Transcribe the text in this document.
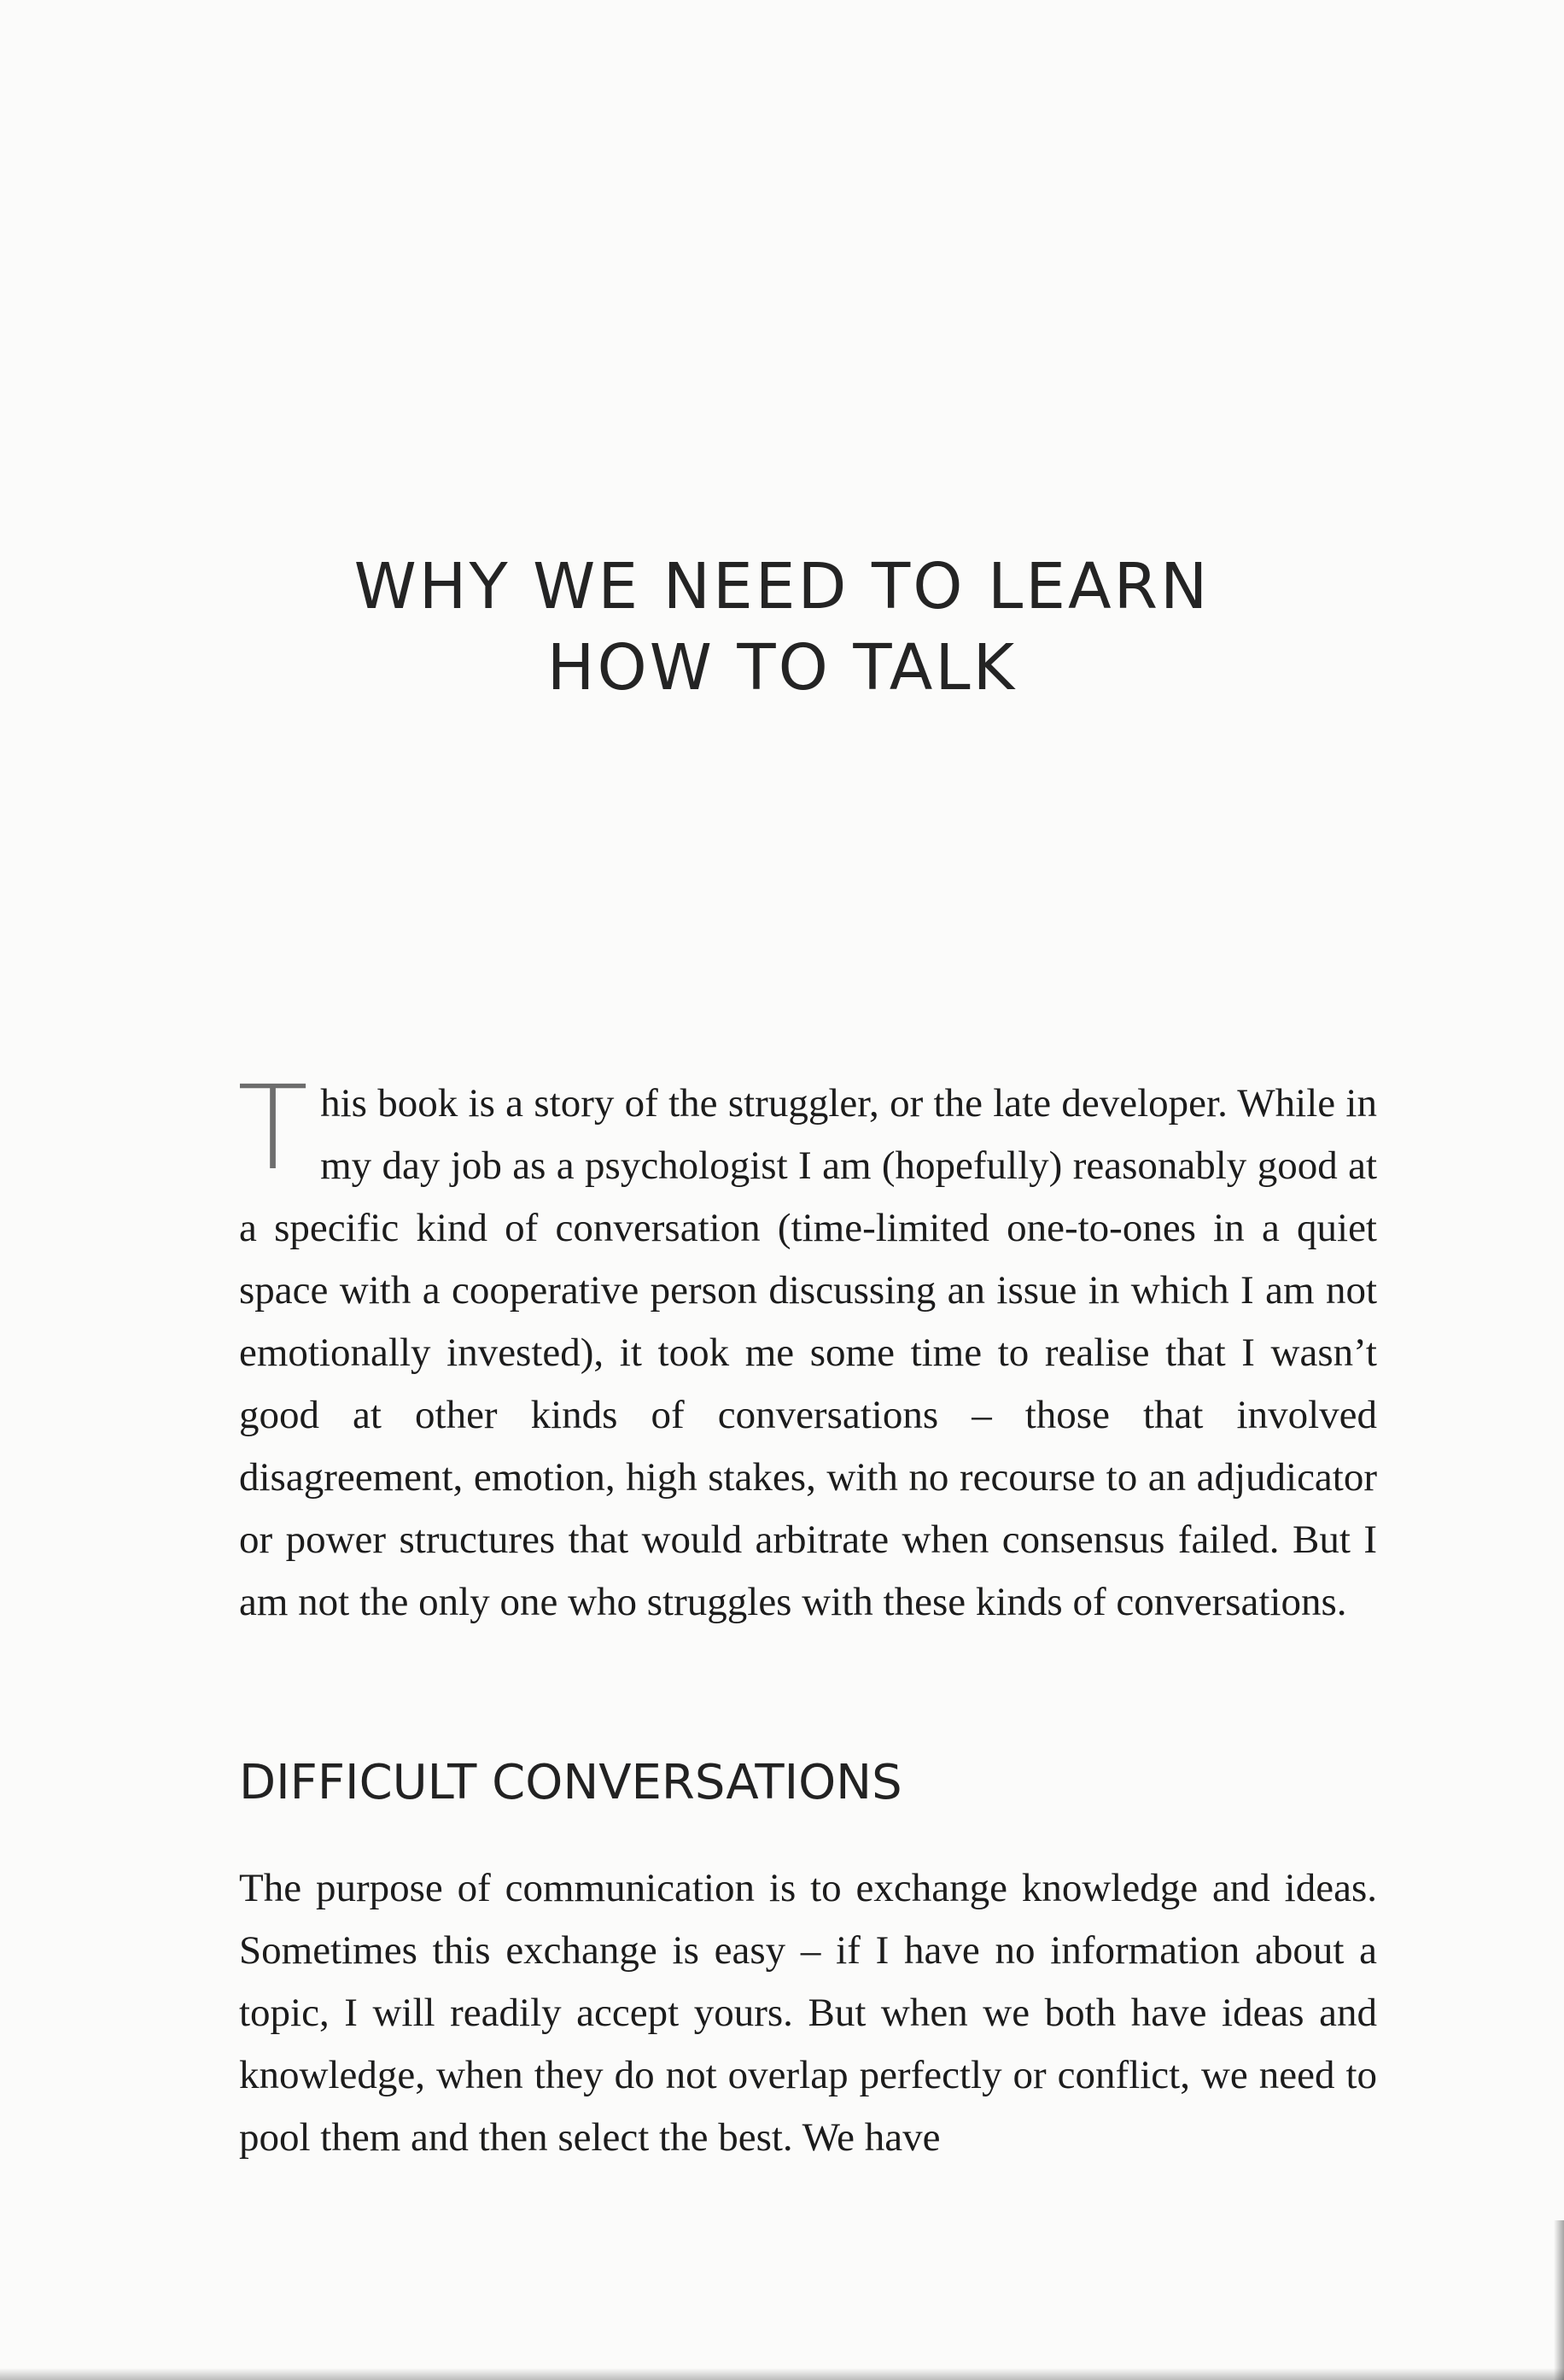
WHY WE NEED TO LEARN
HOW TO TALK

This book is a story of the struggler, or the late developer. While in my day job as a psychologist I am (hopefully) reasonably good at a specific kind of conversation (time-limited one-to-ones in a quiet space with a cooperative person discussing an issue in which I am not emotionally invested), it took me some time to realise that I wasn’t good at other kinds of conversations – those that involved disagreement, emotion, high stakes, with no recourse to an adjudicator or power structures that would arbitrate when consensus failed. But I am not the only one who struggles with these kinds of conversations.

DIFFICULT CONVERSATIONS

The purpose of communication is to exchange knowledge and ideas. Sometimes this exchange is easy – if I have no information about a topic, I will readily accept yours. But when we both have ideas and knowledge, when they do not overlap perfectly or conflict, we need to pool them and then select the best. We have
